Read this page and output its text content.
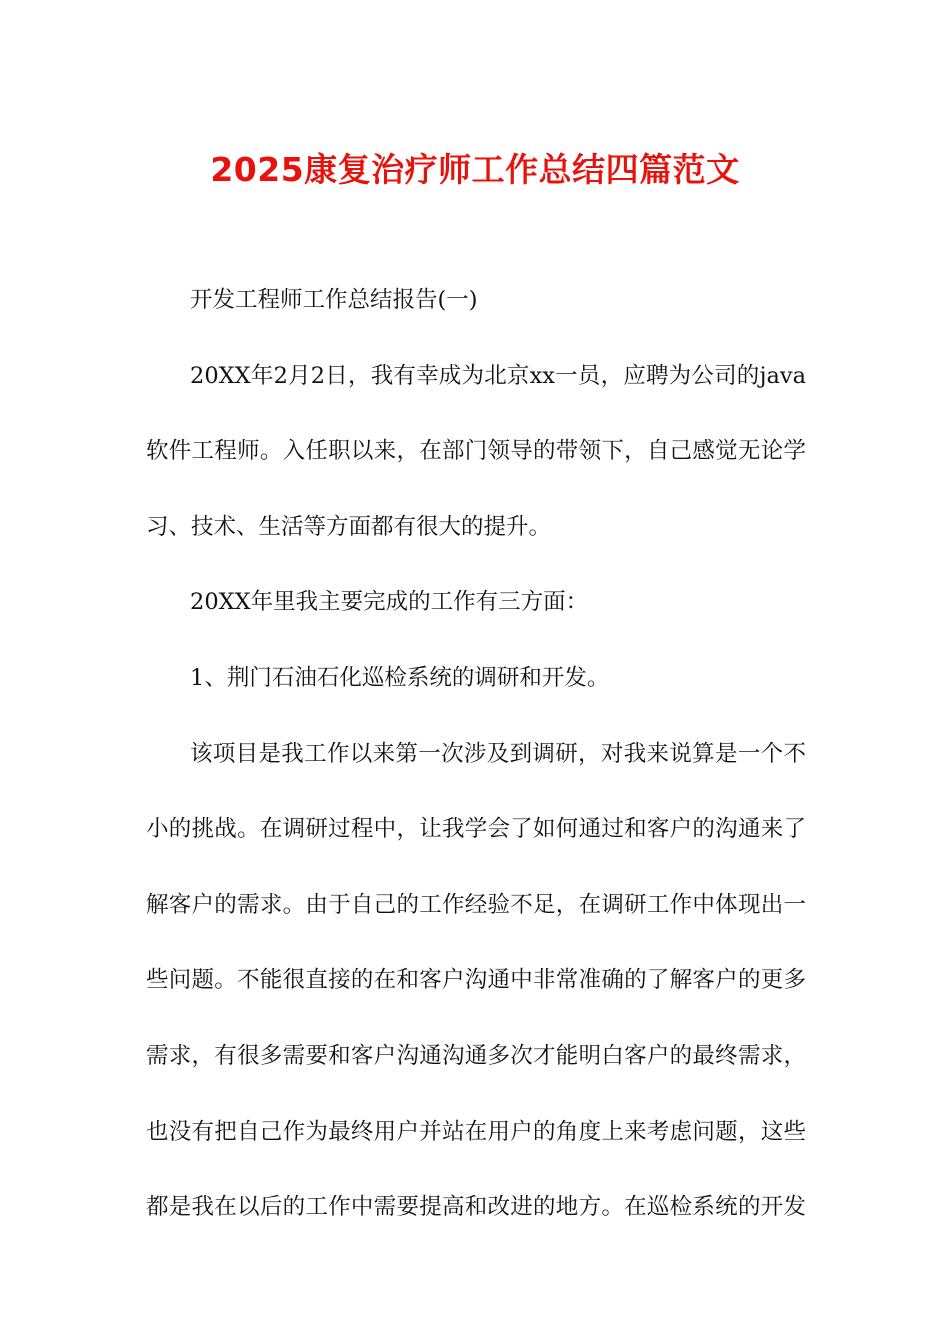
2025康复治疗师工作总结四篇范文
开发工程师工作总结报告(一)
20XX年2月2日，我有幸成为北京xx一员，应聘为公司的java
软件工程师。入任职以来，在部门领导的带领下，自己感觉无论学
习、技术、生活等方面都有很大的提升。
20XX年里我主要完成的工作有三方面：
1、荆门石油石化巡检系统的调研和开发。
该项目是我工作以来第一次涉及到调研，对我来说算是一个不
小的挑战。在调研过程中，让我学会了如何通过和客户的沟通来了
解客户的需求。由于自己的工作经验不足，在调研工作中体现出一
些问题。不能很直接的在和客户沟通中非常准确的了解客户的更多
需求，有很多需要和客户沟通沟通多次才能明白客户的最终需求，
也没有把自己作为最终用户并站在用户的角度上来考虑问题，这些
都是我在以后的工作中需要提高和改进的地方。在巡检系统的开发
